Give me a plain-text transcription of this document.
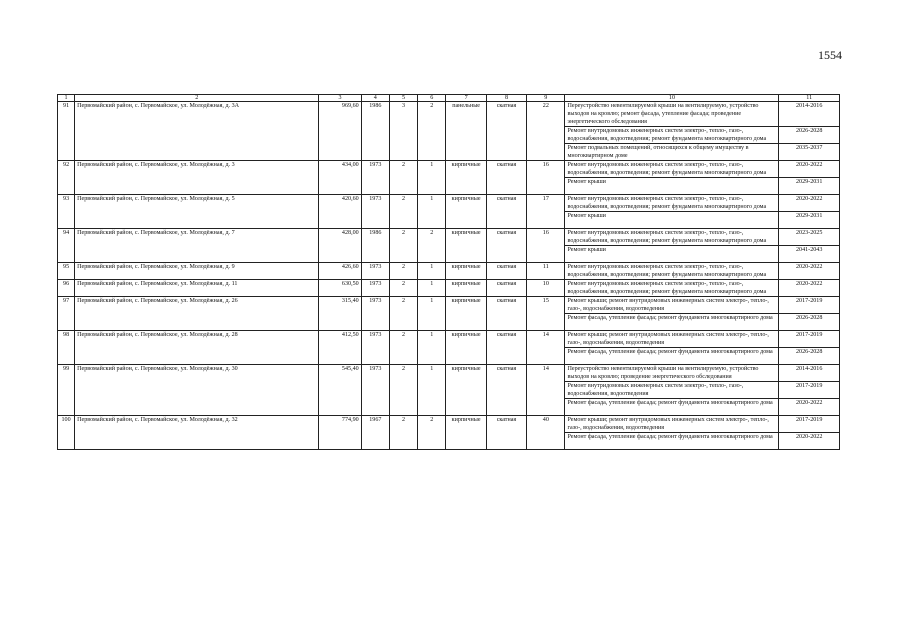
1554
1	2	3	4	5	6	7	8	9	10	11
91	Первомайский район, с. Первомайское, ул. Молодёжная, д. 3А	969,60	1986	3	2	панельные	скатная	22	Переустройство невентилируемой крыши на вентилируемую, устройство выходов на кровлю; ремонт фасада, утепление фасада; проведение энергетического обследования	2014-2016
									Ремонт внутридомовых инженерных систем электро-, тепло-, газо-, водоснабжения, водоотведения; ремонт фундамента многоквартирного дома	2026-2028
									Ремонт подвальных помещений, относящихся к общему имуществу в многоквартирном доме	2035-2037
92	Первомайский район, с. Первомайское, ул. Молодёжная, д. 3	434,00	1973	2	1	кирпичные	скатная	16	Ремонт внутридомовых инженерных систем электро-, тепло-, газо-, водоснабжения, водоотведения; ремонт фундамента многоквартирного дома	2020-2022
									Ремонт крыши	2029-2031
93	Первомайский район, с. Первомайское, ул. Молодёжная, д. 5	420,60	1973	2	1	кирпичные	скатная	17	Ремонт внутридомовых инженерных систем электро-, тепло-, газо-, водоснабжения, водоотведения; ремонт фундамента многоквартирного дома	2020-2022
									Ремонт крыши	2029-2031
94	Первомайский район, с. Первомайское, ул. Молодёжная, д. 7	428,00	1986	2	2	кирпичные	скатная	16	Ремонт внутридомовых инженерных систем электро-, тепло-, газо-, водоснабжения, водоотведения; ремонт фундамента многоквартирного дома	2023-2025
									Ремонт крыши	2041-2043
95	Первомайский район, с. Первомайское, ул. Молодёжная, д. 9	426,60	1973	2	1	кирпичные	скатная	11	Ремонт внутридомовых инженерных систем электро-, тепло-, газо-, водоснабжения, водоотведения; ремонт фундамента многоквартирного дома	2020-2022
96	Первомайский район, с. Первомайское, ул. Молодёжная, д. 11	630,50	1973	2	1	кирпичные	скатная	10	Ремонт внутридомовых инженерных систем электро-, тепло-, газо-, водоснабжения, водоотведения; ремонт фундамента многоквартирного дома	2020-2022
97	Первомайский район, с. Первомайское, ул. Молодёжная, д. 26	315,40	1973	2	1	кирпичные	скатная	15	Ремонт крыши; ремонт внутридомовых инженерных систем электро-, тепло-, газо-, водоснабжения, водоотведения	2017-2019
									Ремонт фасада, утепление фасада; ремонт фундамента многоквартирного дома	2026-2028
98	Первомайский район, с. Первомайское, ул. Молодёжная, д. 28	412,50	1973	2	1	кирпичные	скатная	14	Ремонт крыши; ремонт внутридомовых инженерных систем электро-, тепло-, газо-, водоснабжения, водоотведения	2017-2019
									Ремонт фасада, утепление фасада; ремонт фундамента многоквартирного дома	2026-2028
99	Первомайский район, с. Первомайское, ул. Молодёжная, д. 30	545,40	1973	2	1	кирпичные	скатная	14	Переустройство невентилируемой крыши на вентилируемую, устройство выходов на кровлю; проведение энергетического обследования	2014-2016
									Ремонт внутридомовых инженерных систем электро-, тепло-, газо-, водоснабжения, водоотведения	2017-2019
									Ремонт фасада, утепление фасада; ремонт фундамента многоквартирного дома	2020-2022
100	Первомайский район, с. Первомайское, ул. Молодёжная, д. 32	774,90	1967	2	2	кирпичные	скатная	40	Ремонт крыши; ремонт внутридомовых инженерных систем электро-, тепло-, газо-, водоснабжения, водоотведения	2017-2019
									Ремонт фасада, утепление фасада; ремонт фундамента многоквартирного дома	2020-2022
